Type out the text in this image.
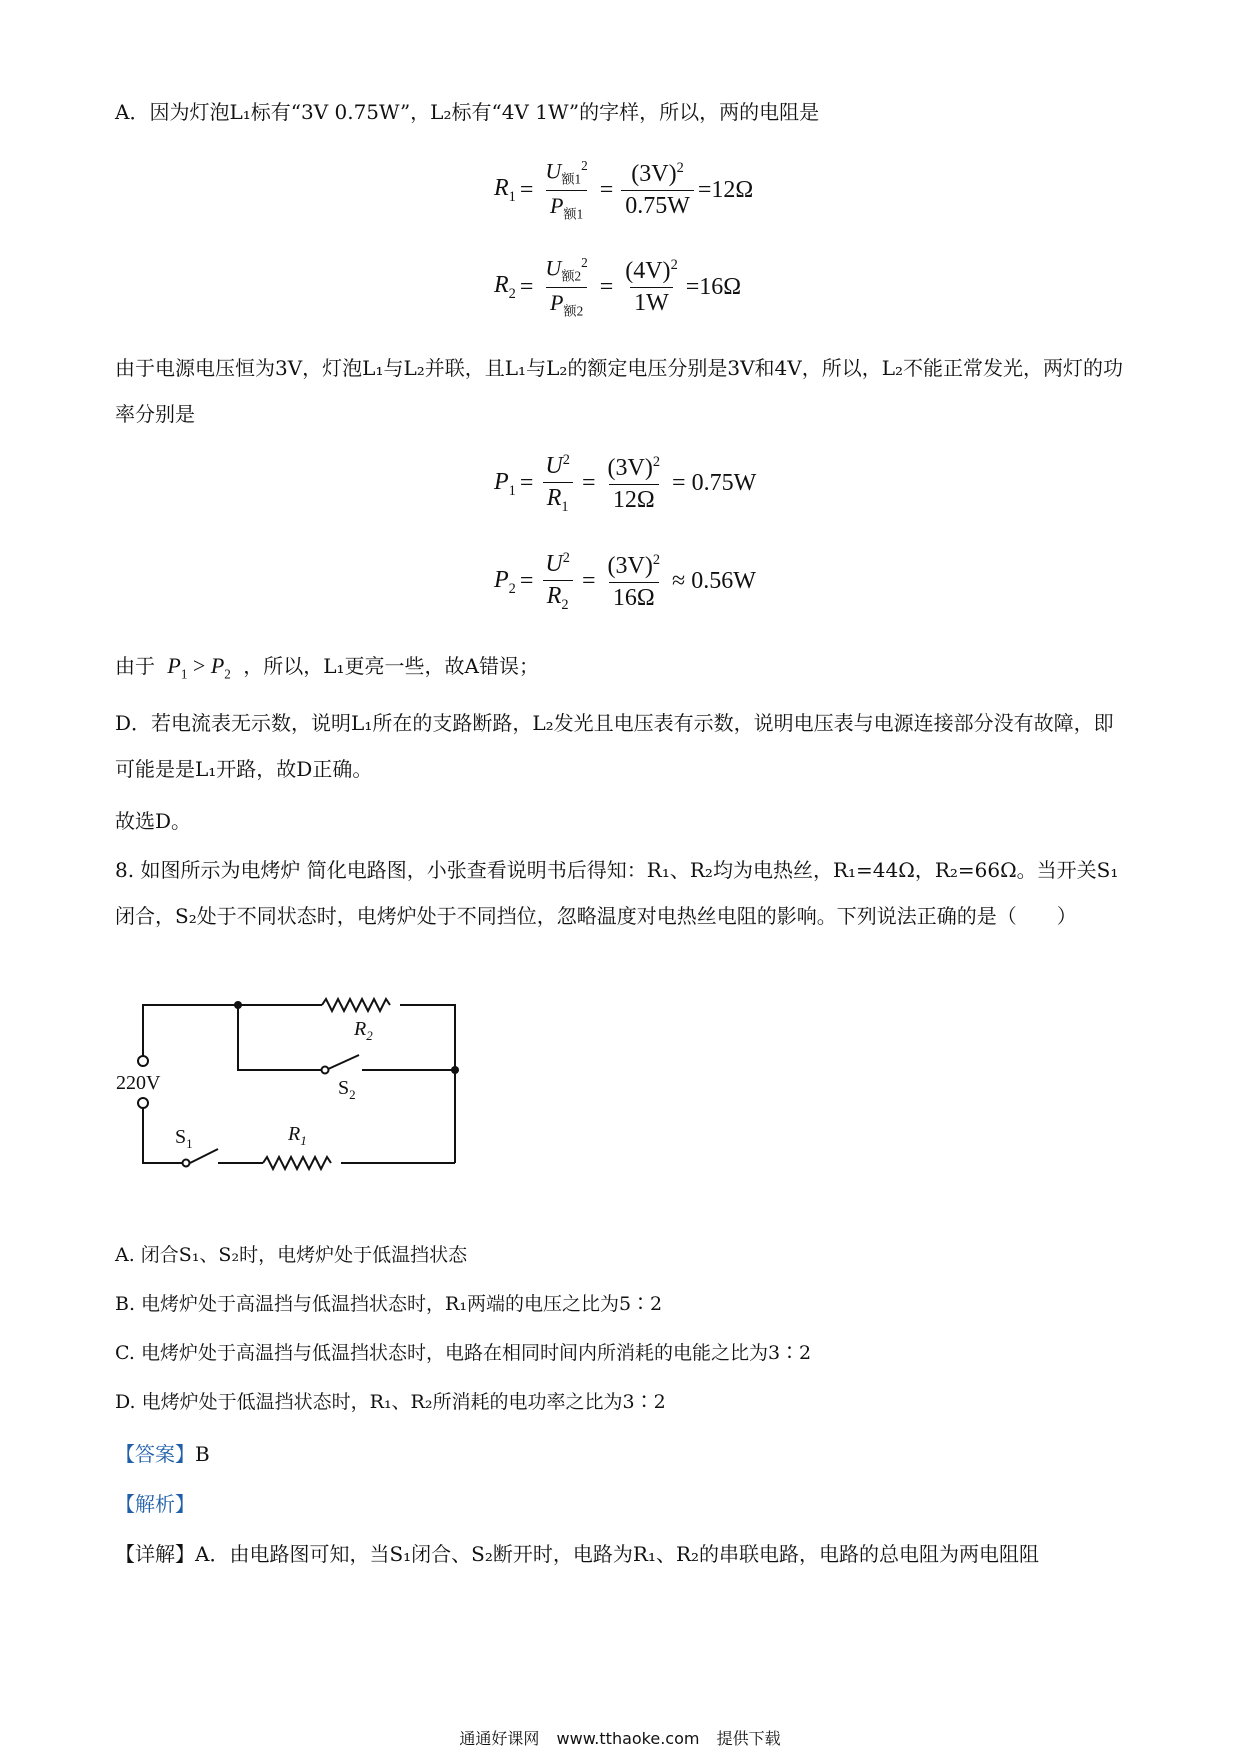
A．因为灯泡L₁标有“3V 0.75W”，L₂标有“4V 1W”的字样，所以，两的电阻是

$R_1 = \frac{U_{额1}^2}{P_{额1}} = \frac{(3V)^2}{0.75W} =12\Omega$
$R_2 = \frac{U_{额2}^2}{P_{额2}} = \frac{(4V)^2}{1W} =16\Omega$

由于电源电压恒为3V，灯泡L₁与L₂并联，且L₁与L₂的额定电压分别是3V和4V，所以，L₂不能正常发光，两灯的功率分别是

$P_1 = \frac{U^2}{R_1} = \frac{(3V)^2}{12\Omega} = 0.75W$
$P_2 = \frac{U^2}{R_2} = \frac{(3V)^2}{16\Omega} \approx 0.56W$

由于 $P_1 > P_2$ ，所以，L₁更亮一些，故A错误；

D．若电流表无示数，说明L₁所在的支路断路，L₂发光且电压表有示数，说明电压表与电源连接部分没有故障，即可能是是L₁开路，故D正确。

故选D。

8. 如图所示为电烤炉 简化电路图，小张查看说明书后得知：R₁、R₂均为电热丝，R₁=44Ω，R₂=66Ω。当开关S₁闭合，S₂处于不同状态时，电烤炉处于不同挡位，忽略温度对电热丝电阻的影响。下列说法正确的是（　　）

220V
$R_2$
$S_2$
$S_1$	$R_1$

A. 闭合S₁、S₂时，电烤炉处于低温挡状态

B. 电烤炉处于高温挡与低温挡状态时，R₁两端的电压之比为5∶2

C. 电烤炉处于高温挡与低温挡状态时，电路在相同时间内所消耗的电能之比为3∶2

D. 电烤炉处于低温挡状态时，R₁、R₂所消耗的电功率之比为3∶2

【答案】B

【解析】

【详解】A．由电路图可知，当S₁闭合、S₂断开时，电路为R₁、R₂的串联电路，电路的总电阻为两电阻阻

通通好课网 www.tthaoke.com 提供下载
